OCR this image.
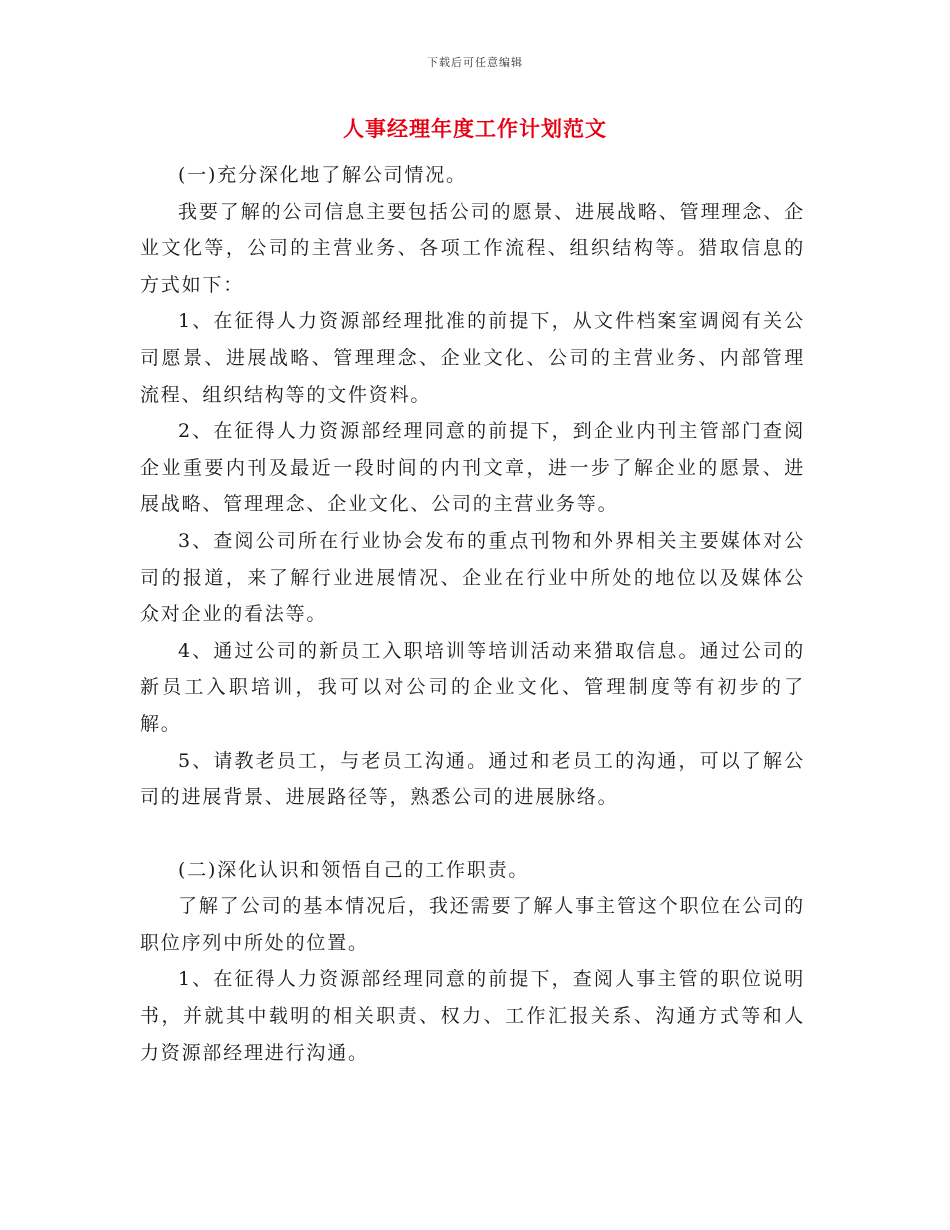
下载后可任意编辑
人事经理年度工作计划范文

(一)充分深化地了解公司情况。

我要了解的公司信息主要包括公司的愿景、进展战略、管理理念、企业文化等，公司的主营业务、各项工作流程、组织结构等。猎取信息的方式如下：

1、在征得人力资源部经理批准的前提下，从文件档案室调阅有关公司愿景、进展战略、管理理念、企业文化、公司的主营业务、内部管理流程、组织结构等的文件资料。

2、在征得人力资源部经理同意的前提下，到企业内刊主管部门查阅企业重要内刊及最近一段时间的内刊文章，进一步了解企业的愿景、进展战略、管理理念、企业文化、公司的主营业务等。

3、查阅公司所在行业协会发布的重点刊物和外界相关主要媒体对公司的报道，来了解行业进展情况、企业在行业中所处的地位以及媒体公众对企业的看法等。

4、通过公司的新员工入职培训等培训活动来猎取信息。通过公司的新员工入职培训，我可以对公司的企业文化、管理制度等有初步的了解。

5、请教老员工，与老员工沟通。通过和老员工的沟通，可以了解公司的进展背景、进展路径等，熟悉公司的进展脉络。

(二)深化认识和领悟自己的工作职责。

了解了公司的基本情况后，我还需要了解人事主管这个职位在公司的职位序列中所处的位置。

1、在征得人力资源部经理同意的前提下，查阅人事主管的职位说明书，并就其中载明的相关职责、权力、工作汇报关系、沟通方式等和人力资源部经理进行沟通。
